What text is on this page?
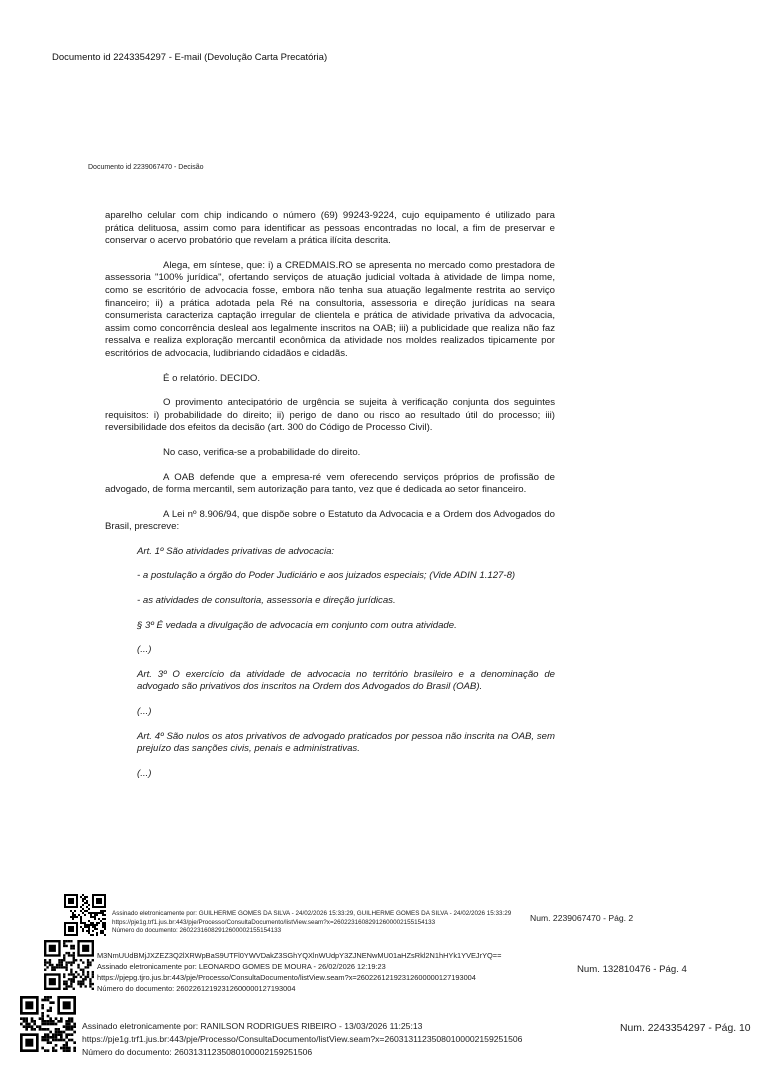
Documento id 2243354297 - E-mail (Devolução Carta Precatória)
Documento id 2239067470 - Decisão

aparelho celular com chip indicando o número (69) 99243-9224, cujo equipamento é utilizado para prática delituosa, assim como para identificar as pessoas encontradas no local, a fim de preservar e conservar o acervo probatório que revelam a prática ilícita descrita.

Alega, em síntese, que: i) a CREDMAIS.RO se apresenta no mercado como prestadora de assessoria "100% jurídica", ofertando serviços de atuação judicial voltada à atividade de limpa nome, como se escritório de advocacia fosse, embora não tenha sua atuação legalmente restrita ao serviço financeiro; ii) a prática adotada pela Ré na consultoria, assessoria e direção jurídicas na seara consumerista caracteriza captação irregular de clientela e prática de atividade privativa da advocacia, assim como concorrência desleal aos legalmente inscritos na OAB; iii) a publicidade que realiza não faz ressalva e realiza exploração mercantil econômica da atividade nos moldes realizados tipicamente por escritórios de advocacia, ludibriando cidadãos e cidadãs.

É o relatório. DECIDO.

O provimento antecipatório de urgência se sujeita à verificação conjunta dos seguintes requisitos: i) probabilidade do direito; ii) perigo de dano ou risco ao resultado útil do processo; iii) reversibilidade dos efeitos da decisão (art. 300 do Código de Processo Civil).

No caso, verifica-se a probabilidade do direito.

A OAB defende que a empresa-ré vem oferecendo serviços próprios de profissão de advogado, de forma mercantil, sem autorização para tanto, vez que é dedicada ao setor financeiro.

A Lei nº 8.906/94, que dispõe sobre o Estatuto da Advocacia e a Ordem dos Advogados do Brasil, prescreve:

Art. 1º São atividades privativas de advocacia:

- a postulação a órgão do Poder Judiciário e aos juizados especiais; (Vide ADIN 1.127-8)

- as atividades de consultoria, assessoria e direção jurídicas.

§ 3º É vedada a divulgação de advocacia em conjunto com outra atividade.

(...)

Art. 3º O exercício da atividade de advocacia no território brasileiro e a denominação de advogado são privativos dos inscritos na Ordem dos Advogados do Brasil (OAB).

(...)

Art. 4º São nulos os atos privativos de advogado praticados por pessoa não inscrita na OAB, sem prejuízo das sanções civis, penais e administrativas.

(...)

Assinado eletronicamente por: GUILHERME GOMES DA SILVA - 24/02/2026 15:33:29, GUILHERME GOMES DA SILVA - 24/02/2026 15:33:29
https://pje1g.trf1.jus.br:443/pje/Processo/ConsultaDocumento/listView.seam?x=26022316082912600002155154133
Número do documento: 26022316082912600002155154133
Num. 2239067470 - Pág. 2
M3NmUUdBMjJXZEZ3Q2lXRWpBaS9UTFl0YWVDakZ3SGhYQXlnWUdpY3ZJNENwMU01aHZsRkl2N1hHYk1YVEJrYQ==
Assinado eletronicamente por: LEONARDO GOMES DE MOURA - 26/02/2026 12:19:23
https://pjepg.tjro.jus.br:443/pje/Processo/ConsultaDocumento/listView.seam?x=26022612192312600000127193004
Número do documento: 26022612192312600000127193004
Num. 132810476 - Pág. 4
Assinado eletronicamente por: RANILSON RODRIGUES RIBEIRO - 13/03/2026 11:25:13
https://pje1g.trf1.jus.br:443/pje/Processo/ConsultaDocumento/listView.seam?x=26031311235080100002159251506
Número do documento: 26031311235080100002159251506
Num. 2243354297 - Pág. 10
